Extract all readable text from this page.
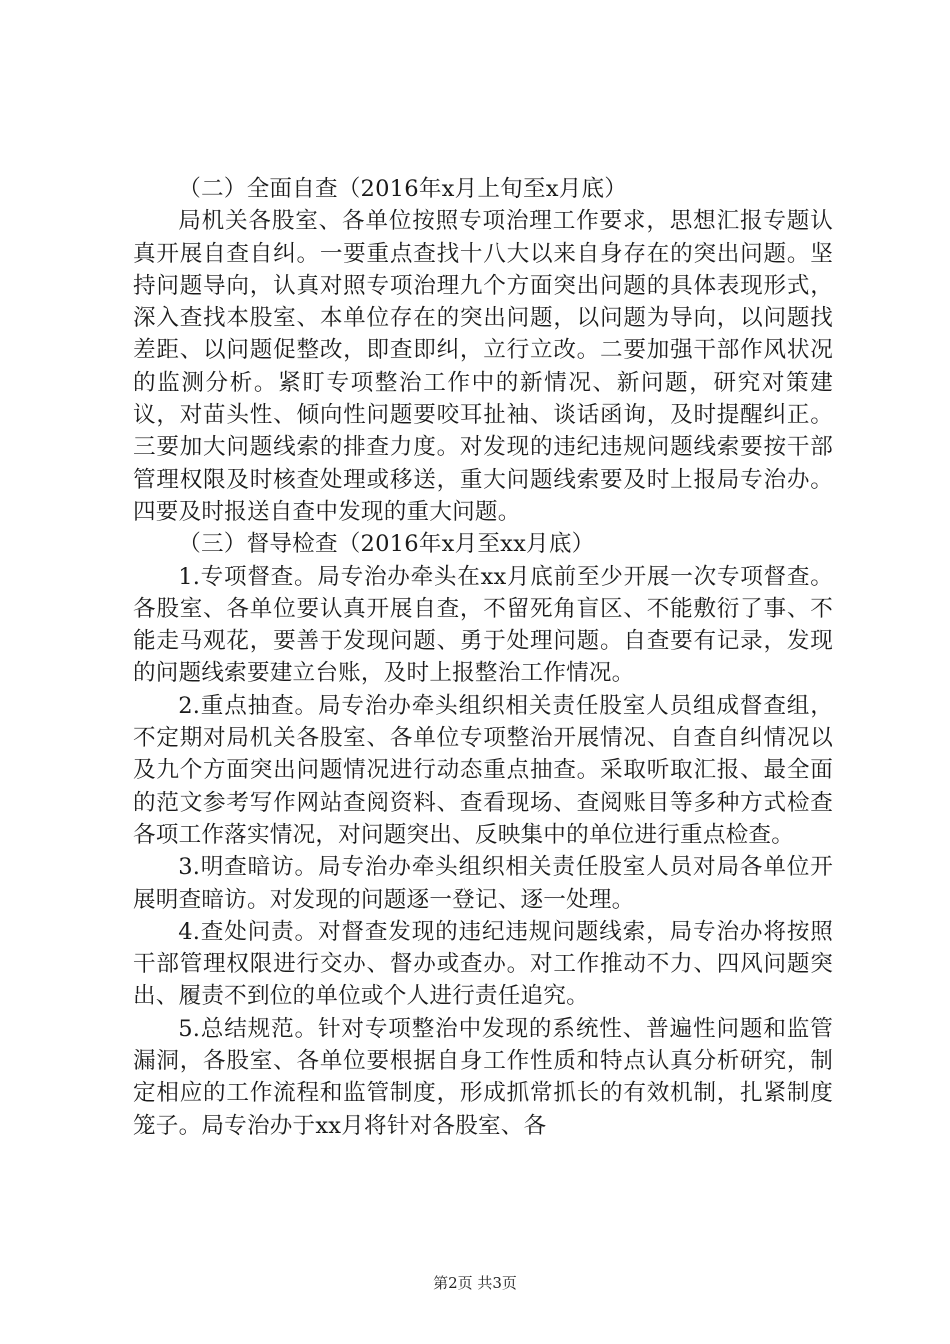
（二）全面自查（2016年x月上旬至x月底）

局机关各股室、各单位按照专项治理工作要求，思想汇报专题认真开展自查自纠。一要重点查找十八大以来自身存在的突出问题。坚持问题导向，认真对照专项治理九个方面突出问题的具体表现形式，深入查找本股室、本单位存在的突出问题，以问题为导向，以问题找差距、以问题促整改，即查即纠，立行立改。二要加强干部作风状况的监测分析。紧盯专项整治工作中的新情况、新问题，研究对策建议，对苗头性、倾向性问题要咬耳扯袖、谈话函询，及时提醒纠正。三要加大问题线索的排查力度。对发现的违纪违规问题线索要按干部管理权限及时核查处理或移送，重大问题线索要及时上报局专治办。四要及时报送自查中发现的重大问题。

（三）督导检查（2016年x月至xx月底）

1.专项督查。局专治办牵头在xx月底前至少开展一次专项督查。各股室、各单位要认真开展自查，不留死角盲区、不能敷衍了事、不能走马观花，要善于发现问题、勇于处理问题。自查要有记录，发现的问题线索要建立台账，及时上报整治工作情况。

2.重点抽查。局专治办牵头组织相关责任股室人员组成督查组，不定期对局机关各股室、各单位专项整治开展情况、自查自纠情况以及九个方面突出问题情况进行动态重点抽查。采取听取汇报、最全面的范文参考写作网站查阅资料、查看现场、查阅账目等多种方式检查各项工作落实情况，对问题突出、反映集中的单位进行重点检查。

3.明查暗访。局专治办牵头组织相关责任股室人员对局各单位开展明查暗访。对发现的问题逐一登记、逐一处理。

4.查处问责。对督查发现的违纪违规问题线索，局专治办将按照干部管理权限进行交办、督办或查办。对工作推动不力、四风问题突出、履责不到位的单位或个人进行责任追究。

5.总结规范。针对专项整治中发现的系统性、普遍性问题和监管漏洞，各股室、各单位要根据自身工作性质和特点认真分析研究，制定相应的工作流程和监管制度，形成抓常抓长的有效机制，扎紧制度笼子。局专治办于xx月将针对各股室、各

第2页 共3页
